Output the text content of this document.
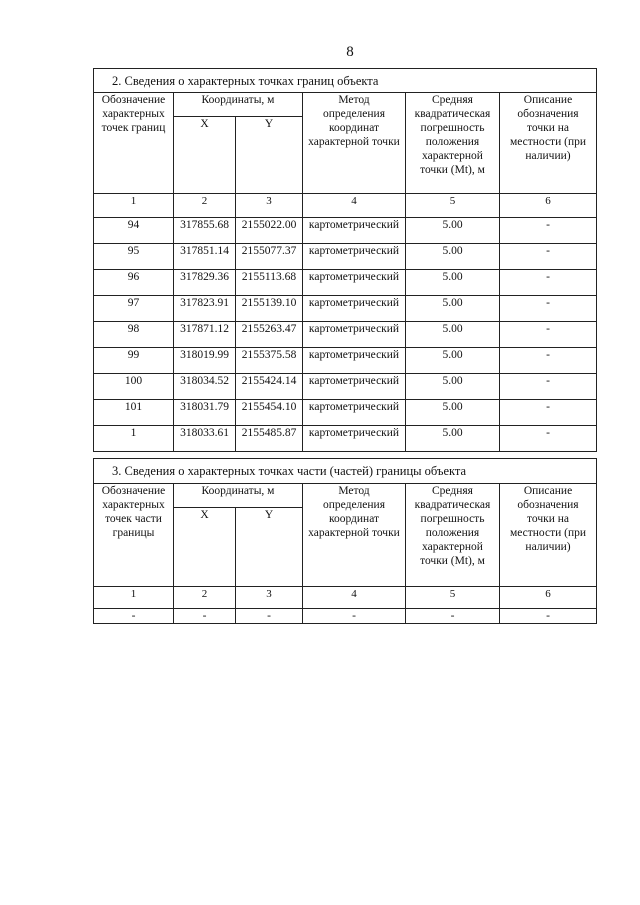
8
2. Сведения о характерных точках границ объекта					
Обозначение характерных точек границ	Координаты, м		Метод определения координат характерной точки	Средняя квадратическая погрешность положения характерной точки (Mt), м	Описание обозначения точки на местности (при наличии)
	X	Y			
1	2	3	4	5	6
94	317855.68	2155022.00	картометрический	5.00	-
95	317851.14	2155077.37	картометрический	5.00	-
96	317829.36	2155113.68	картометрический	5.00	-
97	317823.91	2155139.10	картометрический	5.00	-
98	317871.12	2155263.47	картометрический	5.00	-
99	318019.99	2155375.58	картометрический	5.00	-
100	318034.52	2155424.14	картометрический	5.00	-
101	318031.79	2155454.10	картометрический	5.00	-
1	318033.61	2155485.87	картометрический	5.00	-
3. Сведения о характерных точках части (частей) границы объекта					
Обозначение характерных точек части границы	Координаты, м		Метод определения координат характерной точки	Средняя квадратическая погрешность положения характерной точки (Mt), м	Описание обозначения точки на местности (при наличии)
	X	Y			
1	2	3	4	5	6
-	-	-	-	-	-
